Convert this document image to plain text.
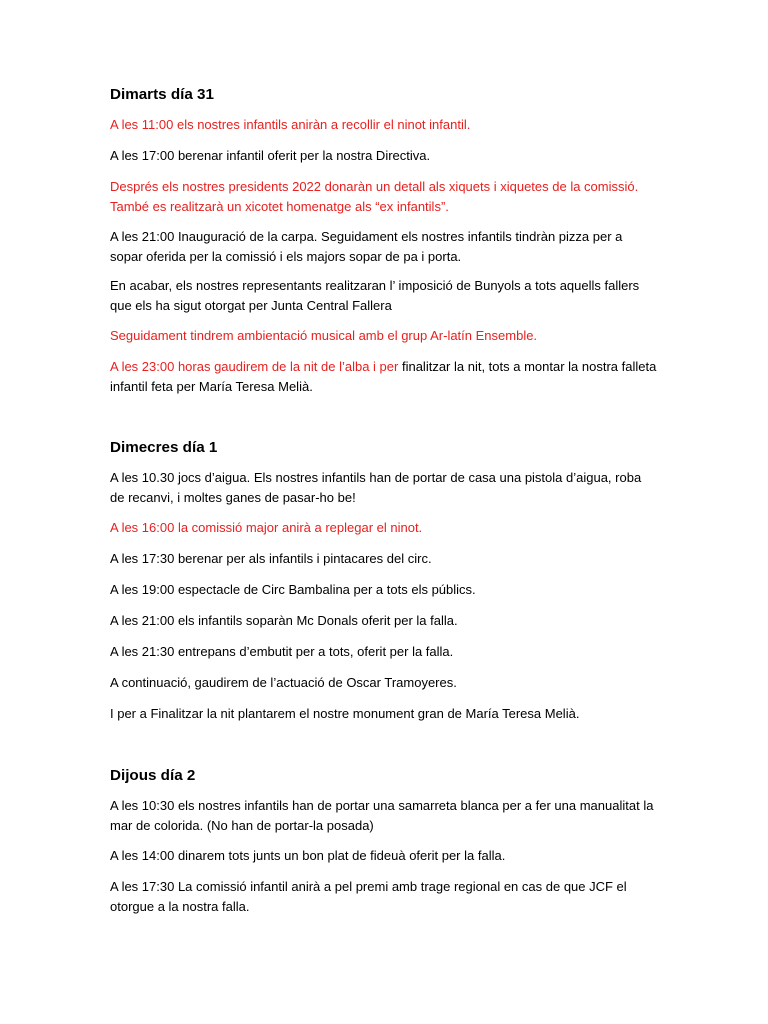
Dimarts día 31

A les 11:00 els nostres infantils aniràn a recollir el ninot infantil.

A les 17:00 berenar infantil oferit per la nostra Directiva.

Després els nostres presidents 2022 donaràn un detall als xiquets i xiquetes de la comissió. També es realitzarà un xicotet homenatge als “ex infantils”.

A les 21:00 Inauguració de la carpa. Seguidament els nostres infantils tindràn pizza per a sopar oferida per la comissió i els majors sopar de pa i porta.

En acabar, els nostres representants realitzaran l’ imposició de Bunyols a tots aquells fallers que els ha sigut otorgat per Junta Central Fallera

Seguidament tindrem ambientació musical amb el grup Ar-latín Ensemble.

A les 23:00 horas gaudirem de la nit de l’alba i per finalitzar la nit, tots a montar la nostra falleta infantil feta per María Teresa Melià.

Dimecres día 1

A les 10.30 jocs d’aigua. Els nostres infantils han de portar de casa una pistola d’aigua, roba de recanvi, i moltes ganes de pasar-ho be!

A les 16:00 la comissió major anirà a replegar el ninot.

A les 17:30 berenar per als infantils i pintacares del circ.

A les 19:00 espectacle de Circ Bambalina per a tots els públics.

A les 21:00 els infantils soparàn Mc Donals oferit per la falla.

A les 21:30 entrepans d’embutit per a tots, oferit per la falla.

A continuació, gaudirem de l’actuació de Oscar Tramoyeres.

I per a Finalitzar la nit plantarem el nostre monument gran de María Teresa Melià.

Dijous día 2

A les 10:30 els nostres infantils han de portar una samarreta blanca per a fer una manualitat la mar de colorida. (No han de portar-la posada)

A les 14:00 dinarem tots junts un bon plat de fideuà oferit per la falla.

A les 17:30 La comissió infantil anirà a pel premi amb trage regional en cas de que JCF el otorgue a la nostra falla.
